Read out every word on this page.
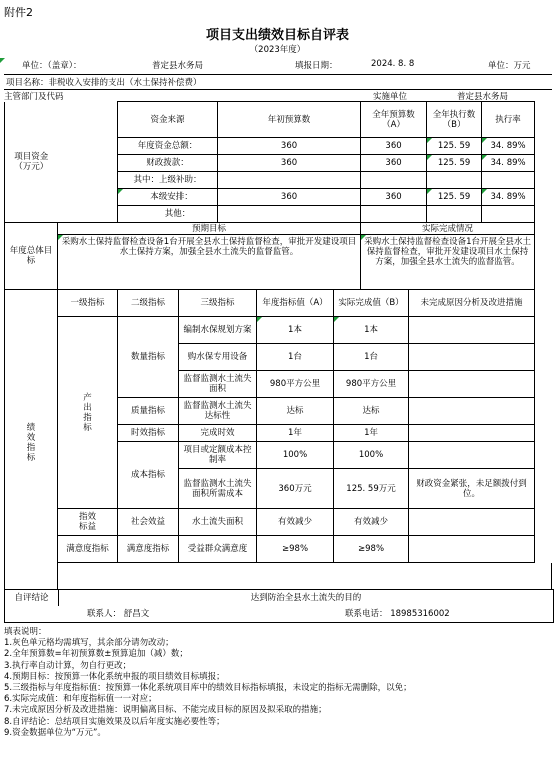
附件2
项目支出绩效目标自评表
（2023年度）
单位：（盖章）：	普定县水务局	填报日期：	2024. 8. 8	单位：万元
项目名称：非税收入安排的支出（水土保持补偿费）
主管部门及代码	实施单位	普定县水务局
项目资金
（万元）		资金来源		年初预算数			全年预算数（A）		全年执行数（B）	执行率
		年度资金总额：		360			360		125. 59	34. 89%
		财政拨款：		360			360		125. 59	34. 89%
		其中：上级补助：								
		本级安排：		360			360		125. 59	34. 89%
		其他：								
年度总体目标	预期目标						实际完成情况			
	采购水土保持监督检查设备1台开展全县水土保持监督检查，审批开发建设项目水土保持方案，加强全县水土流失的监督监管。						采购水土保持监督检查设备1台开展全县水土保持监督检查，审批开发建设项目水土保持方案，加强全县水土流失的监督监管。			
绩
效
指
标	一级指标	二级指标	三级指标		年度指标值（A）	实际完成值（B）		未完成原因分析及改进措施		
	产
出
指
标	数量指标	编制水保规划方案		1本	1本				
			购水保专用设备		1台	1台				
			监督监测水土流失面积		980平方公里	980平方公里				
		质量指标	监督监测水土流失达标性		达标	达标				
		时效指标	完成时效		1年	1年				
		成本指标	项目或定额成本控制率		100%	100%				
			监督监测水土流失面积所需成本		360万元	125. 59万元		财政资金紧张，未足额拨付到位。		
	指效
标益	社会效益	水土流失面积		有效减少	有效减少				
	满意度指标	满意度指标	受益群众满意度		≥98%	≥98%				

自评结论	达到防治全县水土流失的目的
联系人： 舒昌文	联系电话： 18985316002
填表说明：
1.灰色单元格均需填写，其余部分请勿改动；
2.全年预算数=年初预算数±预算追加（减）数；
3.执行率自动计算，勿自行更改；
4.预期目标：按预算一体化系统申报的项目绩效目标填报；
5.三级指标与年度指标值：按预算一体化系统项目库中的绩效目标指标填报，未设定的指标无需删除，以免；
6.实际完成值：和年度指标值一一对应；
7.未完成原因分析及改进措施：说明偏离目标、不能完成目标的原因及拟采取的措施；
8.自评结论：总结项目实施效果及以后年度实施必要性等；
9.资金数据单位为“万元”。
